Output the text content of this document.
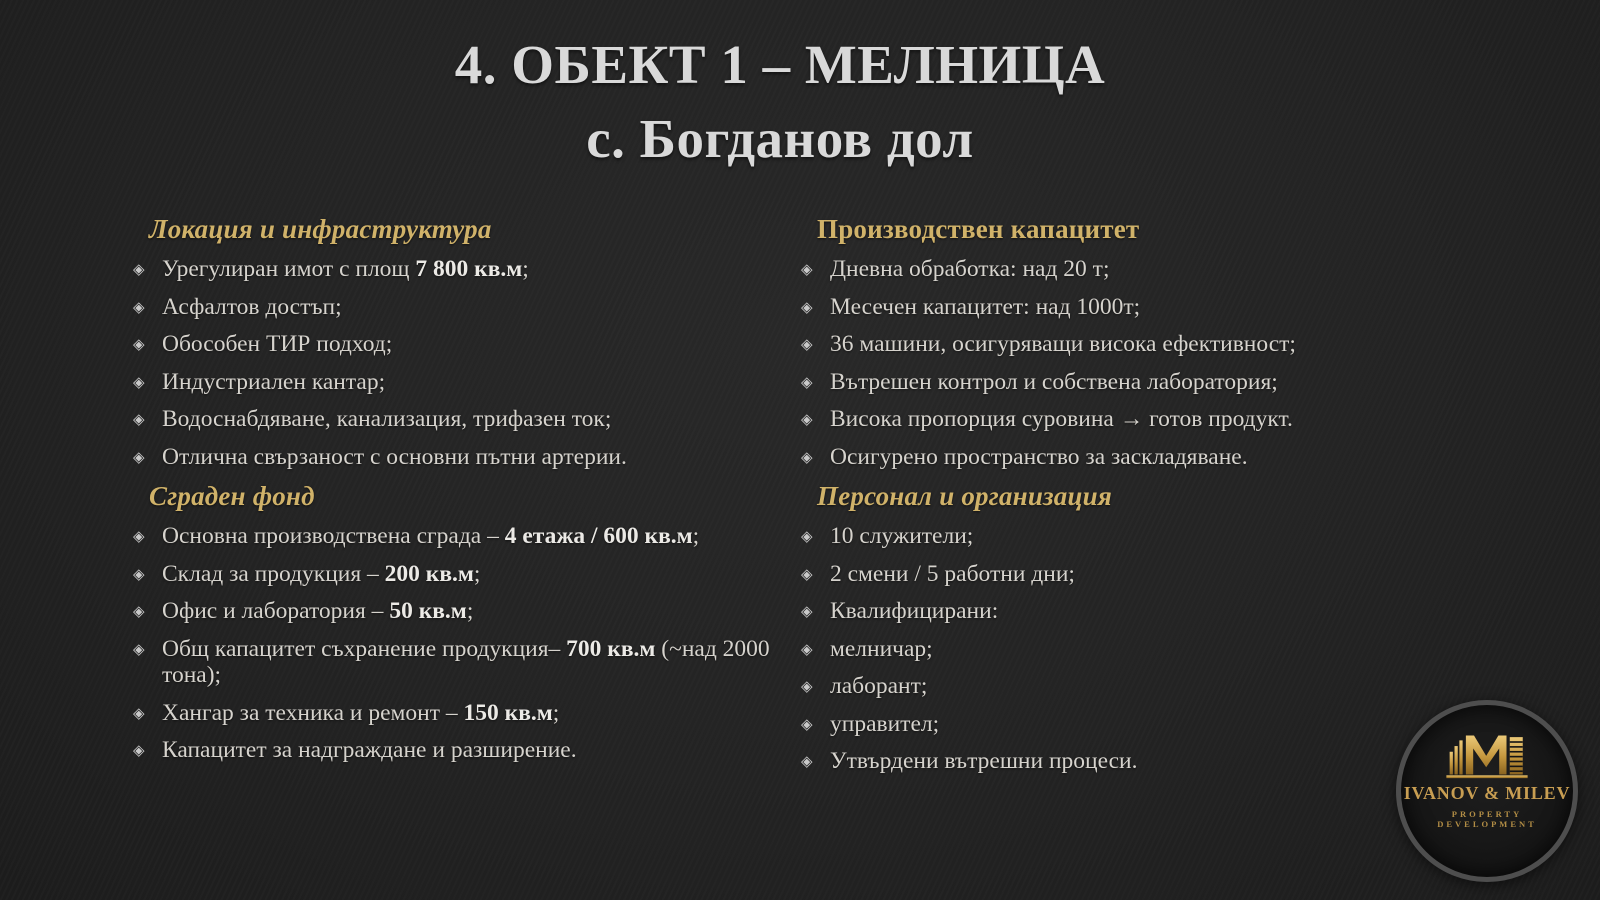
4. ОБЕКТ 1 – МЕЛНИЦА
с. Богданов дол
Локация и инфраструктура
◈ Урегулиран имот с площ 7 800 кв.м;
◈ Асфалтов достъп;
◈ Обособен ТИР подход;
◈ Индустриален кантар;
◈ Водоснабдяване, канализация, трифазен ток;
◈ Отлична свързаност с основни пътни артерии.
Сграден фонд
◈ Основна производствена сграда – 4 етажа / 600 кв.м;
◈ Склад за продукция – 200 кв.м;
◈ Офис и лаборатория – 50 кв.м;
◈ Общ капацитет съхранение продукция– 700 кв.м (~над 2000 тона);
◈ Хангар за техника и ремонт – 150 кв.м;
◈ Капацитет за надграждане и разширение.
Производствен капацитет
◈ Дневна обработка: над 20 т;
◈ Месечен капацитет: над 1000т;
◈ 36 машини, осигуряващи висока ефективност;
◈ Вътрешен контрол и собствена лаборатория;
◈ Висока пропорция суровина → готов продукт.
◈ Осигурено пространство за заскладяване.
Персонал и организация
◈ 10 служители;
◈ 2 смени / 5 работни дни;
◈ Квалифицирани:
◈ мелничар;
◈ лаборант;
◈ управител;
◈ Утвърдени вътрешни процеси.
IVANOV & MILEV
PROPERTY DEVELOPMENT
